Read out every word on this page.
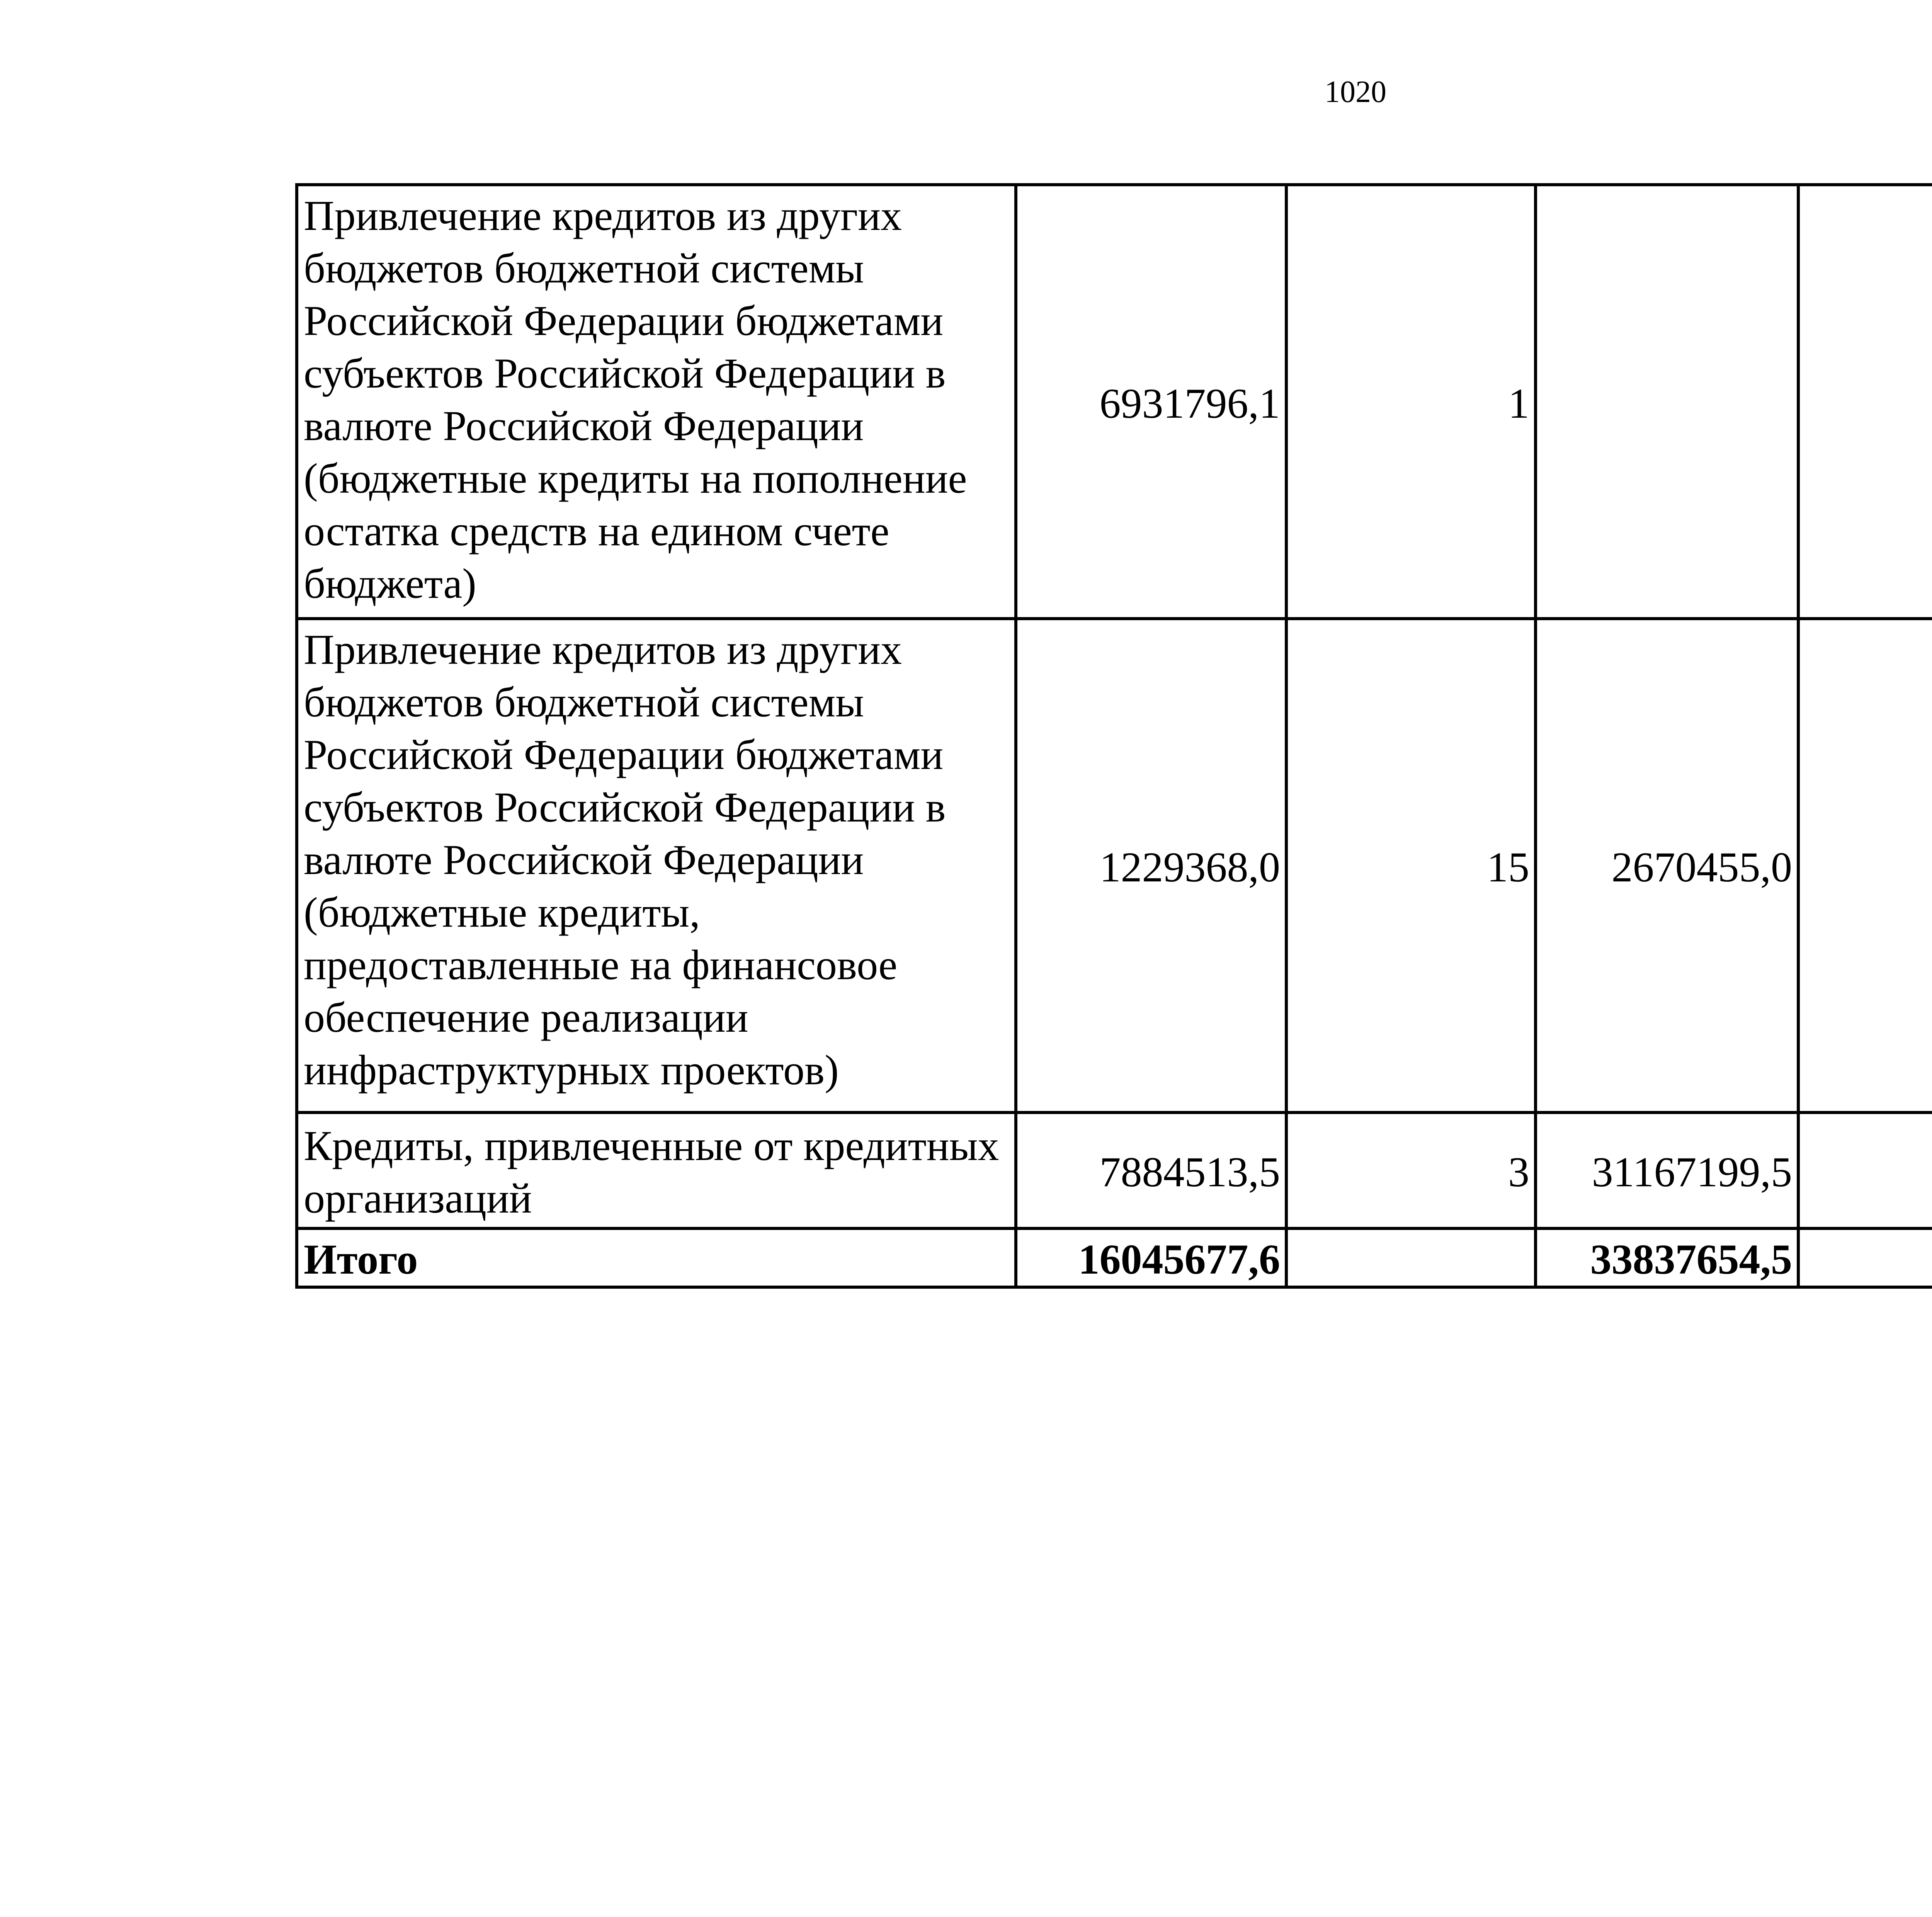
1020
Привлечение кредитов из других бюджетов бюджетной системы Российской Федерации бюджетами субъектов Российской Федерации в валюте Российской Федерации (бюджетные кредиты на пополнение остатка средств на едином счете бюджета)	6931796,1	1				
Привлечение кредитов из других бюджетов бюджетной системы Российской Федерации бюджетами субъектов Российской Федерации в валюте Российской Федерации (бюджетные кредиты, предоставленные на финансовое обеспечение реализации инфраструктурных проектов)	1229368,0	15	2670455,0			
Кредиты, привлеченные от кредитных организаций	7884513,5	3	31167199,5			
Итого	16045677,6		33837654,5			
